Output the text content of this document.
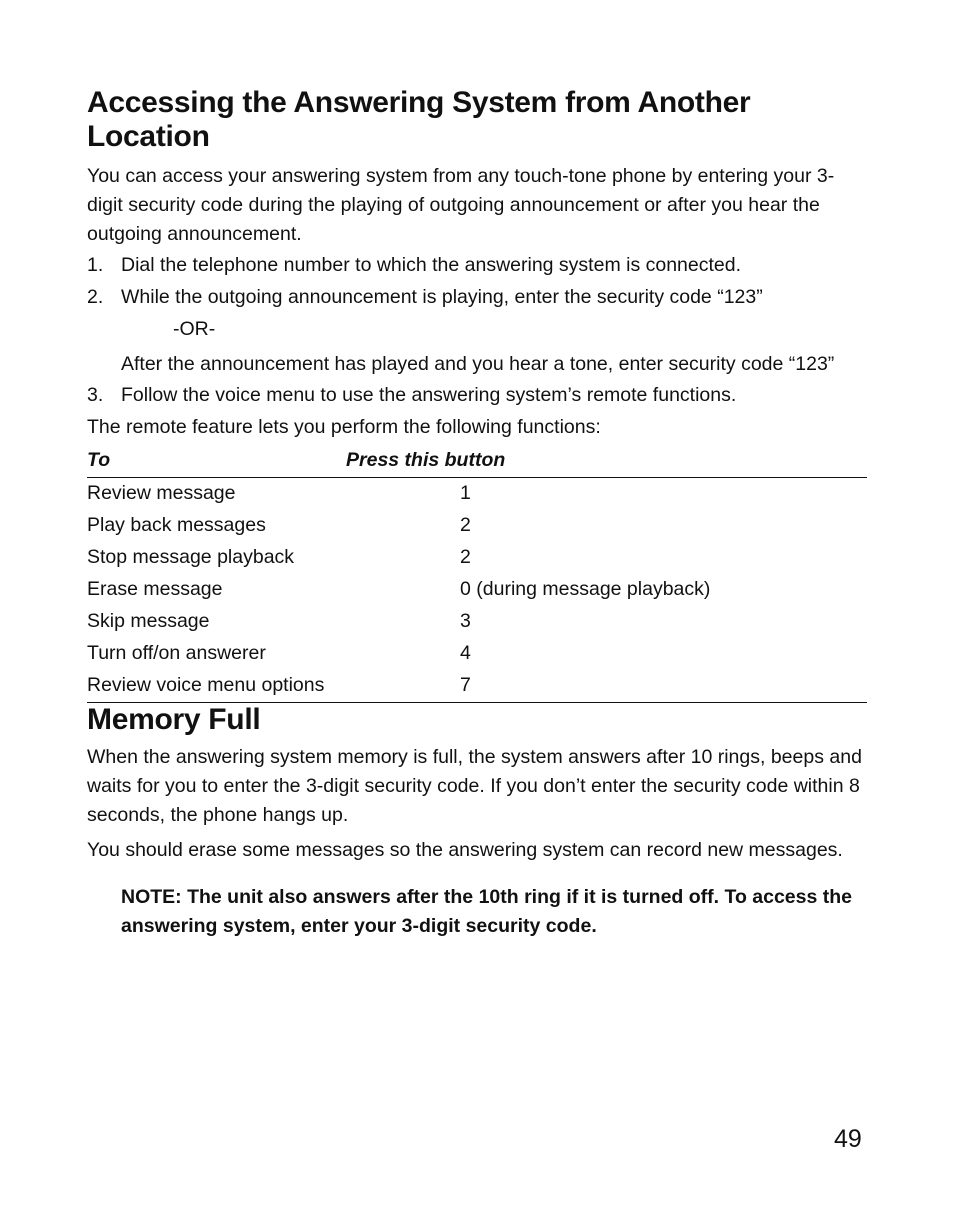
Accessing the Answering System from Another Location

You can access your answering system from any touch-tone phone by entering your 3-digit security code during the playing of outgoing announcement or after you hear the outgoing announcement.

1. Dial the telephone number to which the answering system is connected.
2. While the outgoing announcement is playing, enter the security code “123”
-OR-
After the announcement has played and you hear a tone, enter security code “123”
3. Follow the voice menu to use the answering system’s remote functions.

The remote feature lets you perform the following functions:

To	Press this button
Review message	1
Play back messages	2
Stop message playback	2
Erase message	0 (during message playback)
Skip message	3
Turn off/on answerer	4
Review voice menu options	7
Memory Full

When the answering system memory is full, the system answers after 10 rings, beeps and waits for you to enter the 3-digit security code. If you don’t enter the security code within 8 seconds, the phone hangs up.

You should erase some messages so the answering system can record new messages.

NOTE: The unit also answers after the 10th ring if it is turned off. To access the answering system, enter your 3-digit security code.

49
